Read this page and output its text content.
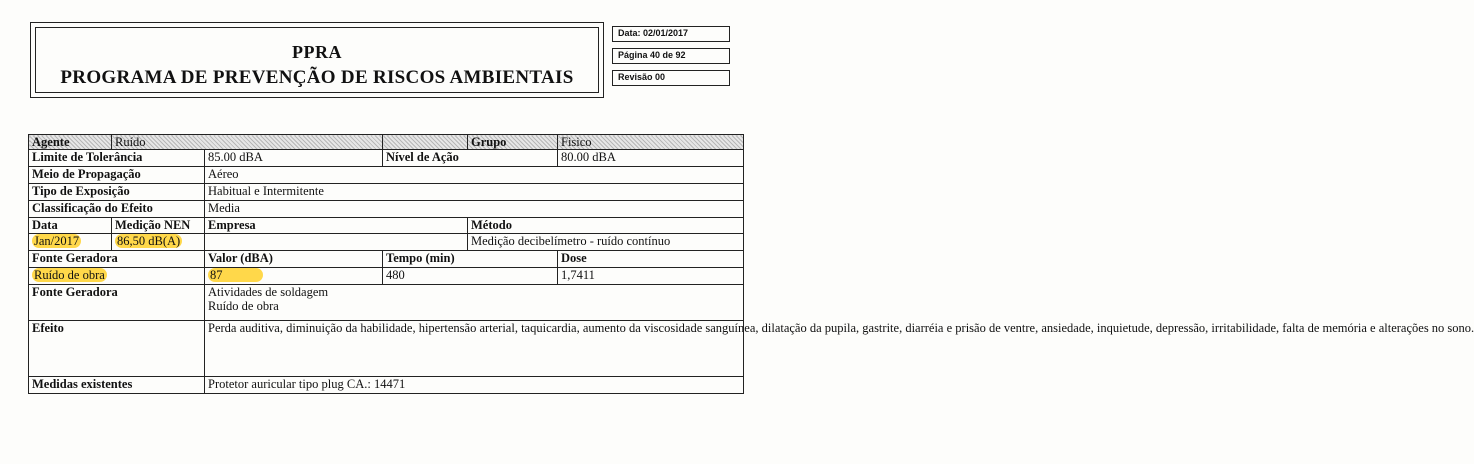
PPRA
PROGRAMA DE PREVENÇÃO DE RISCOS AMBIENTAIS
Data: 02/01/2017
Página 40 de 92
Revisão 00
Agente	Ruído			Grupo	Fisico
Limite de Tolerância		85.00 dBA	Nível de Ação		80.00 dBA
Meio de Propagação		Aéreo			
Tipo de Exposição		Habitual e Intermitente			
Classificação do Efeito		Media			
Data	Medição NEN	Empresa		Método	
Jan/2017	86,50 dB(A)			Medição decibelímetro - ruído contínuo	
Fonte Geradora		Valor (dBA)	Tempo (min)		Dose
Ruído de obra		87	480		1,7411
Fonte Geradora		Atividades de soldagem
Ruído de obra			

Efeito		Perda auditiva, diminuição da habilidade, hipertensão arterial, taquicardia, aumento da viscosidade sanguínea, dilatação da pupila, gastrite, diarréia e prisão de ventre, ansiedade, inquietude, depressão, irritabilidade, falta de memória e alterações no sono.			
Medidas existentes		Protetor auricular tipo plug CA.: 14471			
